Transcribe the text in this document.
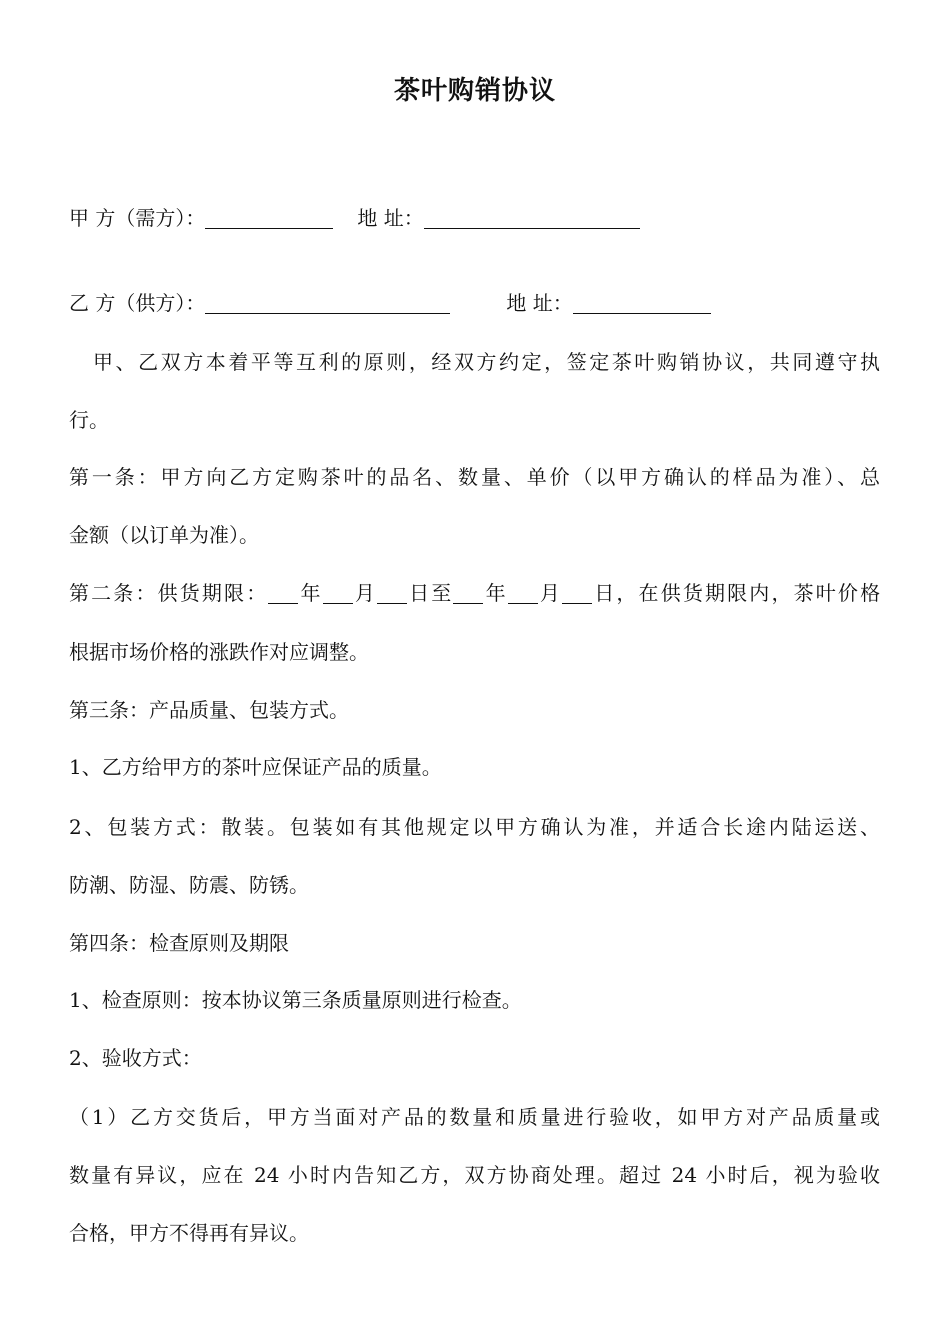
茶叶购销协议
甲 方（需方）：	地 址：
乙 方（供方）：	地 址：
甲、乙双方本着平等互利的原则，经双方约定，签定茶叶购销协议，共同遵守执
行。
第一条：甲方向乙方定购茶叶的品名、数量、单价（以甲方确认的样品为准）、总
金额（以订单为准）。
第二条：供货期限： 年 月 日至 年 月 日，在供货期限内，茶叶价格
根据市场价格的涨跌作对应调整。
第三条：产品质量、包装方式。
1、乙方给甲方的茶叶应保证产品的质量。
2、包装方式：散装。包装如有其他规定以甲方确认为准，并适合长途内陆运送、
防潮、防湿、防震、防锈。
第四条：检查原则及期限
1、检查原则：按本协议第三条质量原则进行检查。
2、验收方式：
（1）乙方交货后，甲方当面对产品的数量和质量进行验收，如甲方对产品质量或
数量有异议，应在 24 小时内告知乙方，双方协商处理。超过 24 小时后，视为验收
合格，甲方不得再有异议。
